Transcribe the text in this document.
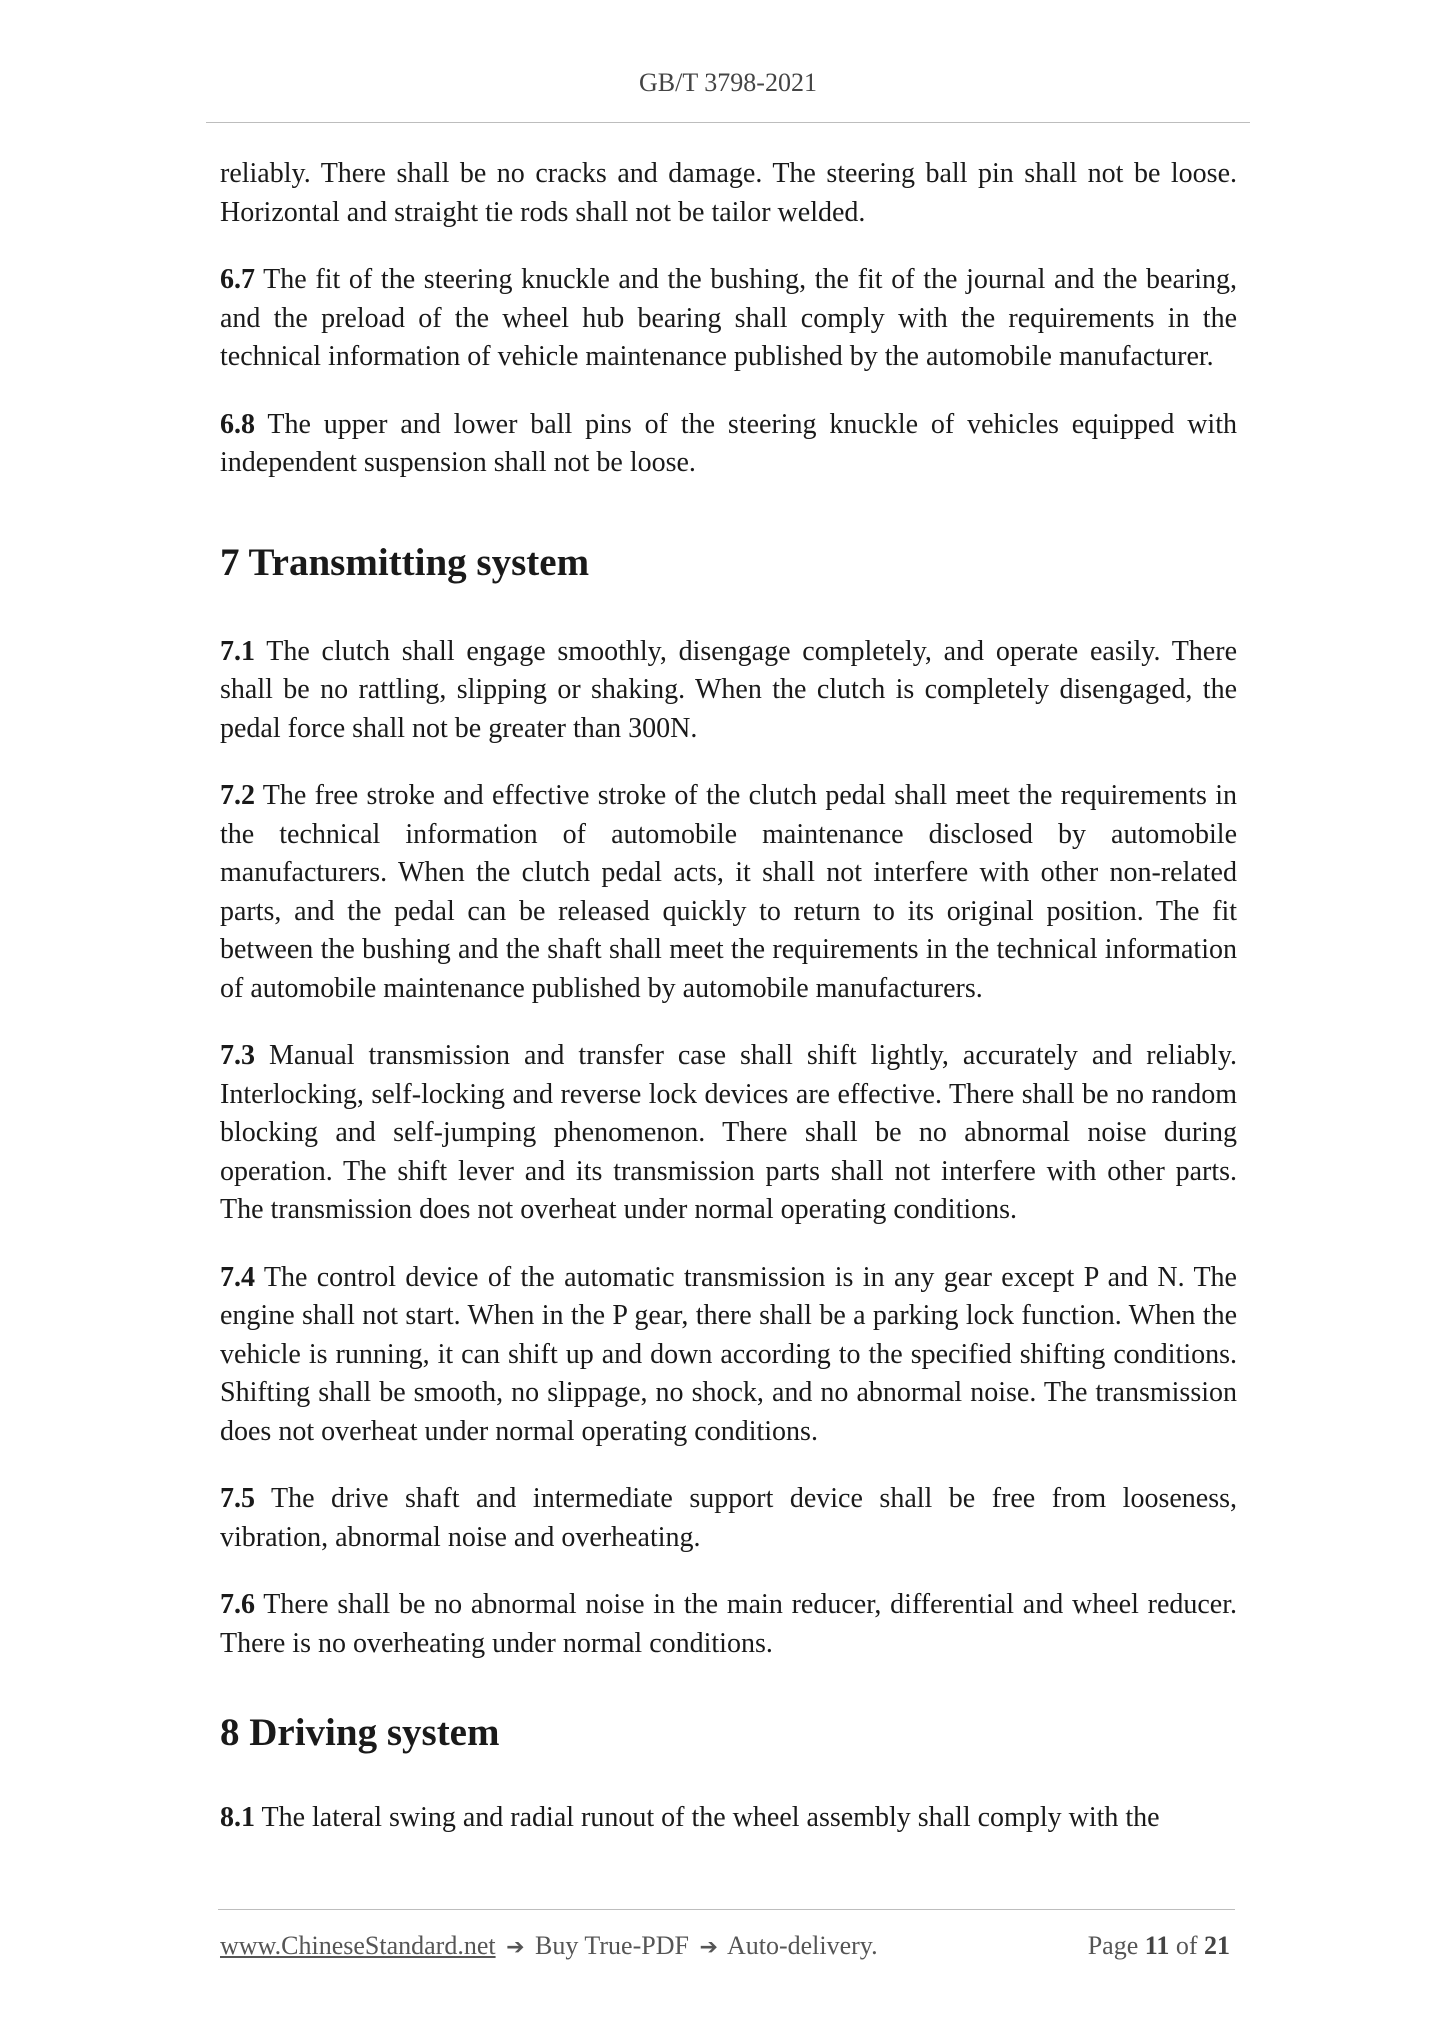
GB/T 3798-2021

reliably. There shall be no cracks and damage. The steering ball pin shall not be loose. Horizontal and straight tie rods shall not be tailor welded.

6.7 The fit of the steering knuckle and the bushing, the fit of the journal and the bearing, and the preload of the wheel hub bearing shall comply with the requirements in the technical information of vehicle maintenance published by the automobile manufacturer.

6.8 The upper and lower ball pins of the steering knuckle of vehicles equipped with independent suspension shall not be loose.

7 Transmitting system

7.1 The clutch shall engage smoothly, disengage completely, and operate easily. There shall be no rattling, slipping or shaking. When the clutch is completely disengaged, the pedal force shall not be greater than 300N.

7.2 The free stroke and effective stroke of the clutch pedal shall meet the requirements in the technical information of automobile maintenance disclosed by automobile manufacturers. When the clutch pedal acts, it shall not interfere with other non-related parts, and the pedal can be released quickly to return to its original position. The fit between the bushing and the shaft shall meet the requirements in the technical information of automobile maintenance published by automobile manufacturers.

7.3 Manual transmission and transfer case shall shift lightly, accurately and reliably. Interlocking, self-locking and reverse lock devices are effective. There shall be no random blocking and self-jumping phenomenon. There shall be no abnormal noise during operation. The shift lever and its transmission parts shall not interfere with other parts. The transmission does not overheat under normal operating conditions.

7.4 The control device of the automatic transmission is in any gear except P and N. The engine shall not start. When in the P gear, there shall be a parking lock function. When the vehicle is running, it can shift up and down according to the specified shifting conditions. Shifting shall be smooth, no slippage, no shock, and no abnormal noise. The transmission does not overheat under normal operating conditions.

7.5 The drive shaft and intermediate support device shall be free from looseness, vibration, abnormal noise and overheating.

7.6 There shall be no abnormal noise in the main reducer, differential and wheel reducer. There is no overheating under normal conditions.

8 Driving system

8.1 The lateral swing and radial runout of the wheel assembly shall comply with the

www.ChineseStandard.net ➔ Buy True-PDF ➔ Auto-delivery.	Page 11 of 21
